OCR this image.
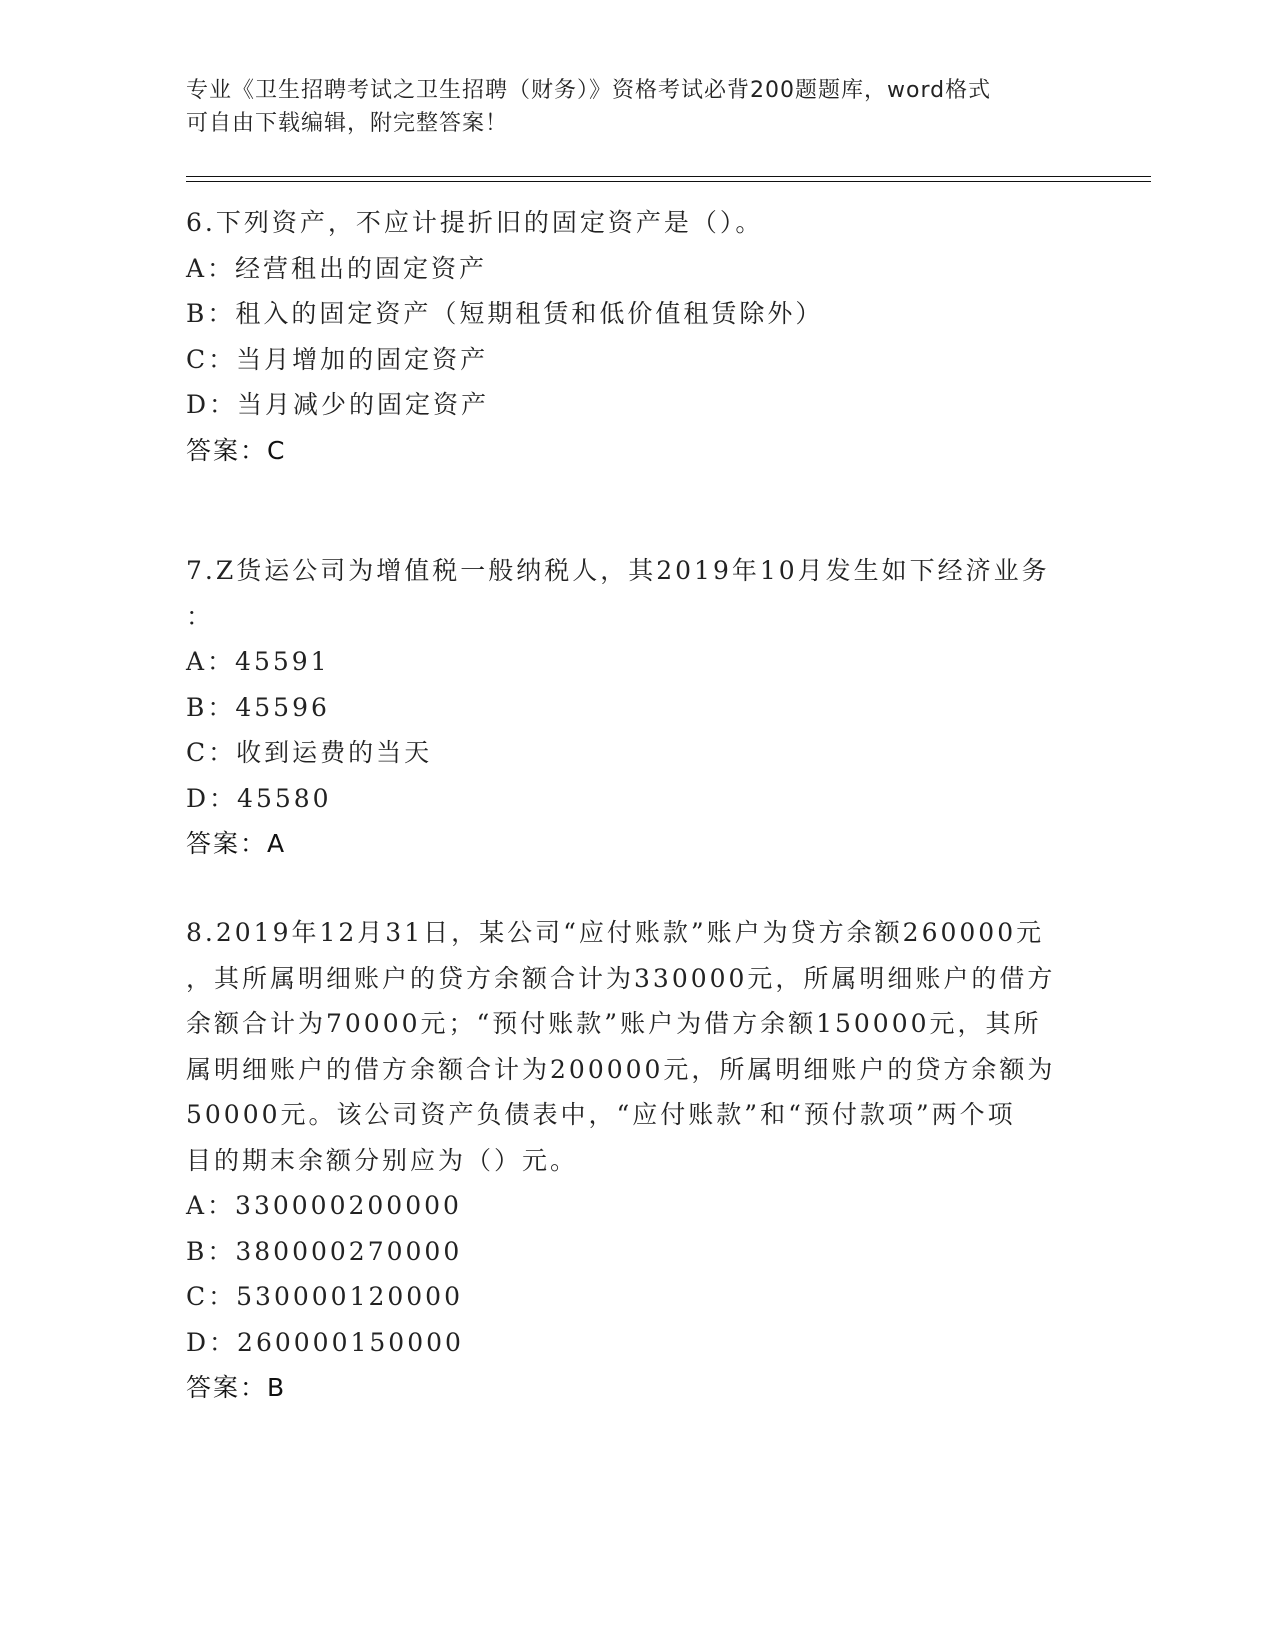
专业《卫生招聘考试之卫生招聘（财务）》资格考试必背200题题库，word格式
可自由下载编辑，附完整答案！
6.下列资产，不应计提折旧的固定资产是（）。
A：经营租出的固定资产
B：租入的固定资产（短期租赁和低价值租赁除外）
C：当月增加的固定资产
D：当月减少的固定资产
答案：C
7.Z货运公司为增值税一般纳税人，其2019年10月发生如下经济业务
：
A：45591
B：45596
C：收到运费的当天
D：45580
答案：A
8.2019年12月31日，某公司“应付账款”账户为贷方余额260000元
，其所属明细账户的贷方余额合计为330000元，所属明细账户的借方
余额合计为70000元；“预付账款”账户为借方余额150000元，其所
属明细账户的借方余额合计为200000元，所属明细账户的贷方余额为
50000元。该公司资产负债表中，“应付账款”和“预付款项”两个项
目的期末余额分别应为（）元。
A：330000200000
B：380000270000
C：530000120000
D：260000150000
答案：B
